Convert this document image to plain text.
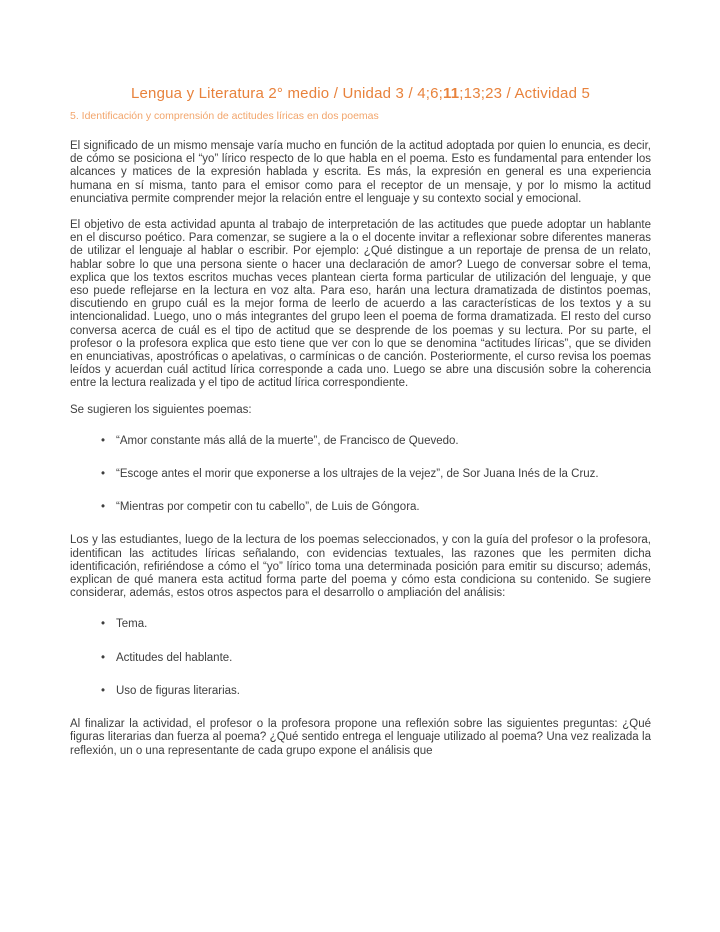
Lengua y Literatura 2° medio / Unidad 3 / 4;6;11;13;23 / Actividad 5
5. Identificación y comprensión de actitudes líricas en dos poemas

El significado de un mismo mensaje varía mucho en función de la actitud adoptada por quien lo enuncia, es decir, de cómo se posiciona el “yo” lírico respecto de lo que habla en el poema. Esto es fundamental para entender los alcances y matices de la expresión hablada y escrita. Es más, la expresión en general es una experiencia humana en sí misma, tanto para el emisor como para el receptor de un mensaje, y por lo mismo la actitud enunciativa permite comprender mejor la relación entre el lenguaje y su contexto social y emocional.

El objetivo de esta actividad apunta al trabajo de interpretación de las actitudes que puede adoptar un hablante en el discurso poético. Para comenzar, se sugiere a la o el docente invitar a reflexionar sobre diferentes maneras de utilizar el lenguaje al hablar o escribir. Por ejemplo: ¿Qué distingue a un reportaje de prensa de un relato, hablar sobre lo que una persona siente o hacer una declaración de amor? Luego de conversar sobre el tema, explica que los textos escritos muchas veces plantean cierta forma particular de utilización del lenguaje, y que eso puede reflejarse en la lectura en voz alta. Para eso, harán una lectura dramatizada de distintos poemas, discutiendo en grupo cuál es la mejor forma de leerlo de acuerdo a las características de los textos y a su intencionalidad. Luego, uno o más integrantes del grupo leen el poema de forma dramatizada. El resto del curso conversa acerca de cuál es el tipo de actitud que se desprende de los poemas y su lectura. Por su parte, el profesor o la profesora explica que esto tiene que ver con lo que se denomina “actitudes líricas”, que se dividen en enunciativas, apostróficas o apelativas, o carmínicas o de canción. Posteriormente, el curso revisa los poemas leídos y acuerdan cuál actitud lírica corresponde a cada uno. Luego se abre una discusión sobre la coherencia entre la lectura realizada y el tipo de actitud lírica correspondiente.

Se sugieren los siguientes poemas:

• “Amor constante más allá de la muerte”, de Francisco de Quevedo.
• “Escoge antes el morir que exponerse a los ultrajes de la vejez”, de Sor Juana Inés de la Cruz.
• “Mientras por competir con tu cabello”, de Luis de Góngora.

Los y las estudiantes, luego de la lectura de los poemas seleccionados, y con la guía del profesor o la profesora, identifican las actitudes líricas señalando, con evidencias textuales, las razones que les permiten dicha identificación, refiriéndose a cómo el “yo” lírico toma una determinada posición para emitir su discurso; además, explican de qué manera esta actitud forma parte del poema y cómo esta condiciona su contenido. Se sugiere considerar, además, estos otros aspectos para el desarrollo o ampliación del análisis:

• Tema.
• Actitudes del hablante.
• Uso de figuras literarias.

Al finalizar la actividad, el profesor o la profesora propone una reflexión sobre las siguientes preguntas: ¿Qué figuras literarias dan fuerza al poema? ¿Qué sentido entrega el lenguaje utilizado al poema? Una vez realizada la reflexión, un o una representante de cada grupo expone el análisis que
